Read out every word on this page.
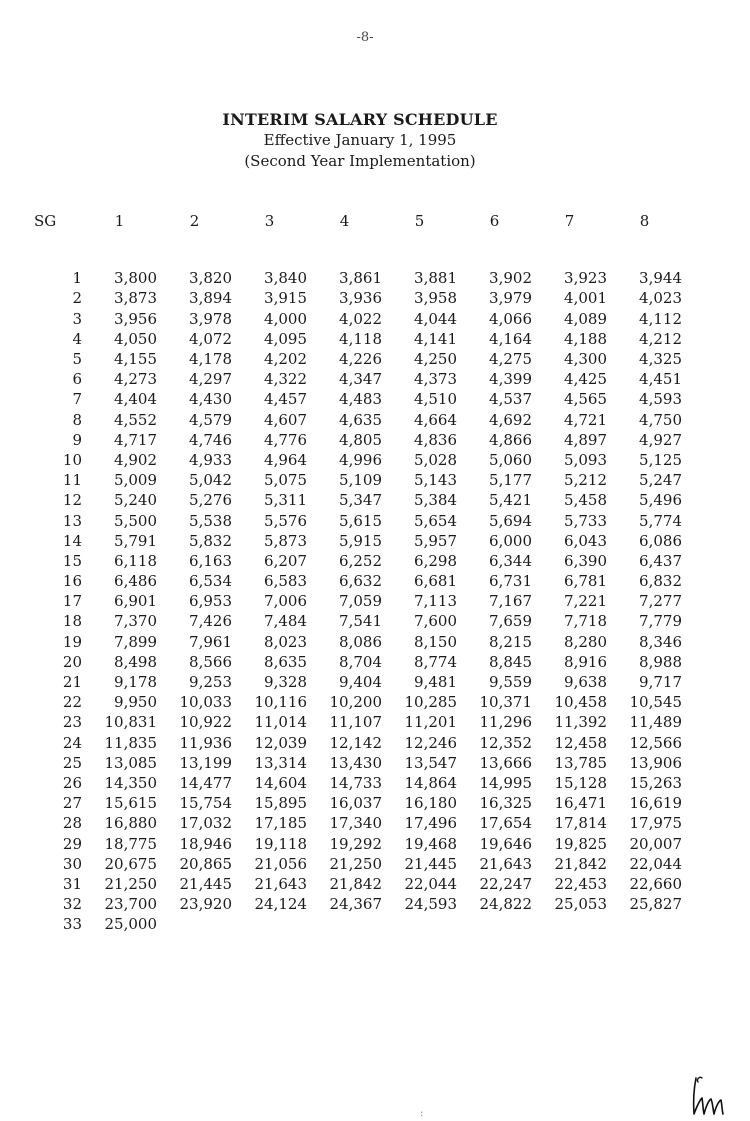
-8-
INTERIM SALARY SCHEDULE
Effective January 1, 1995
(Second Year Implementation)
SG	1	2	3	4	5	6	7	8

1	3,800	3,820	3,840	3,861	3,881	3,902	3,923	3,944
2	3,873	3,894	3,915	3,936	3,958	3,979	4,001	4,023
3	3,956	3,978	4,000	4,022	4,044	4,066	4,089	4,112
4	4,050	4,072	4,095	4,118	4,141	4,164	4,188	4,212
5	4,155	4,178	4,202	4,226	4,250	4,275	4,300	4,325
6	4,273	4,297	4,322	4,347	4,373	4,399	4,425	4,451
7	4,404	4,430	4,457	4,483	4,510	4,537	4,565	4,593
8	4,552	4,579	4,607	4,635	4,664	4,692	4,721	4,750
9	4,717	4,746	4,776	4,805	4,836	4,866	4,897	4,927
10	4,902	4,933	4,964	4,996	5,028	5,060	5,093	5,125
11	5,009	5,042	5,075	5,109	5,143	5,177	5,212	5,247
12	5,240	5,276	5,311	5,347	5,384	5,421	5,458	5,496
13	5,500	5,538	5,576	5,615	5,654	5,694	5,733	5,774
14	5,791	5,832	5,873	5,915	5,957	6,000	6,043	6,086
15	6,118	6,163	6,207	6,252	6,298	6,344	6,390	6,437
16	6,486	6,534	6,583	6,632	6,681	6,731	6,781	6,832
17	6,901	6,953	7,006	7,059	7,113	7,167	7,221	7,277
18	7,370	7,426	7,484	7,541	7,600	7,659	7,718	7,779
19	7,899	7,961	8,023	8,086	8,150	8,215	8,280	8,346
20	8,498	8,566	8,635	8,704	8,774	8,845	8,916	8,988
21	9,178	9,253	9,328	9,404	9,481	9,559	9,638	9,717
22	9,950	10,033	10,116	10,200	10,285	10,371	10,458	10,545
23	10,831	10,922	11,014	11,107	11,201	11,296	11,392	11,489
24	11,835	11,936	12,039	12,142	12,246	12,352	12,458	12,566
25	13,085	13,199	13,314	13,430	13,547	13,666	13,785	13,906
26	14,350	14,477	14,604	14,733	14,864	14,995	15,128	15,263
27	15,615	15,754	15,895	16,037	16,180	16,325	16,471	16,619
28	16,880	17,032	17,185	17,340	17,496	17,654	17,814	17,975
29	18,775	18,946	19,118	19,292	19,468	19,646	19,825	20,007
30	20,675	20,865	21,056	21,250	21,445	21,643	21,842	22,044
31	21,250	21,445	21,643	21,842	22,044	22,247	22,453	22,660
32	23,700	23,920	24,124	24,367	24,593	24,822	25,053	25,827
33	25,000							
:
